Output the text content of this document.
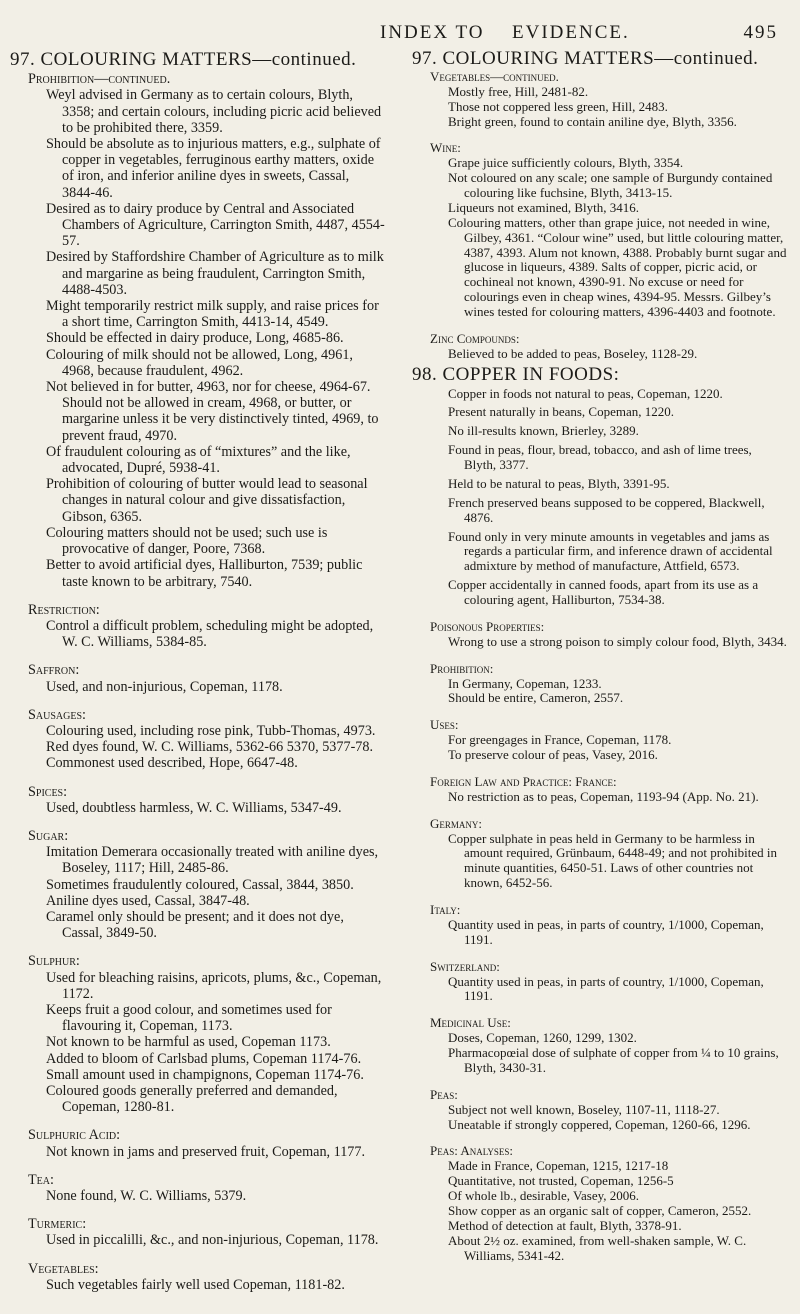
INDEX TO EVIDENCE.	495
97. COLOURING MATTERS—continued.
Prohibition—continued.
Weyl advised in Germany as to certain colours, Blyth, 3358; and certain colours, including picric acid believed to be prohibited there, 3359.
Should be absolute as to injurious matters, e.g., sulphate of copper in vegetables, ferruginous earthy matters, oxide of iron, and inferior aniline dyes in sweets, Cassal, 3844-46.
Desired as to dairy produce by Central and Associated Chambers of Agriculture, Carrington Smith, 4487, 4554-57.
Desired by Staffordshire Chamber of Agriculture as to milk and margarine as being fraudulent, Carrington Smith, 4488-4503.
Might temporarily restrict milk supply, and raise prices for a short time, Carrington Smith, 4413-14, 4549.
Should be effected in dairy produce, Long, 4685-86.
Colouring of milk should not be allowed, Long, 4961, 4968, because fraudulent, 4962.
Not believed in for butter, 4963, nor for cheese, 4964-67. Should not be allowed in cream, 4968, or butter, or margarine unless it be very distinctively tinted, 4969, to prevent fraud, 4970.
Of fraudulent colouring as of “mixtures” and the like, advocated, Dupré, 5938-41.
Prohibition of colouring of butter would lead to seasonal changes in natural colour and give dissatisfaction, Gibson, 6365.
Colouring matters should not be used; such use is provocative of danger, Poore, 7368.
Better to avoid artificial dyes, Halliburton, 7539; public taste known to be arbitrary, 7540.
Restriction:
Control a difficult problem, scheduling might be adopted, W. C. Williams, 5384-85.
Saffron:
Used, and non-injurious, Copeman, 1178.
Sausages:
Colouring used, including rose pink, Tubb-Thomas, 4973.
Red dyes found, W. C. Williams, 5362-66 5370, 5377-78.
Commonest used described, Hope, 6647-48.
Spices:
Used, doubtless harmless, W. C. Williams, 5347-49.
Sugar:
Imitation Demerara occasionally treated with aniline dyes, Boseley, 1117; Hill, 2485-86.
Sometimes fraudulently coloured, Cassal, 3844, 3850.
Aniline dyes used, Cassal, 3847-48.
Caramel only should be present; and it does not dye, Cassal, 3849-50.
Sulphur:
Used for bleaching raisins, apricots, plums, &c., Copeman, 1172.
Keeps fruit a good colour, and sometimes used for flavouring it, Copeman, 1173.
Not known to be harmful as used, Copeman 1173.
Added to bloom of Carlsbad plums, Copeman 1174-76.
Small amount used in champignons, Copeman 1174-76.
Coloured goods generally preferred and demanded, Copeman, 1280-81.
Sulphuric Acid:
Not known in jams and preserved fruit, Copeman, 1177.
Tea:
None found, W. C. Williams, 5379.
Turmeric:
Used in piccalilli, &c., and non-injurious, Copeman, 1178.
Vegetables:
Such vegetables fairly well used Copeman, 1181-82.
97. COLOURING MATTERS—continued.
Vegetables—continued.
Mostly free, Hill, 2481-82.
Those not coppered less green, Hill, 2483.
Bright green, found to contain aniline dye, Blyth, 3356.
Wine:
Grape juice sufficiently colours, Blyth, 3354.
Not coloured on any scale; one sample of Burgundy contained colouring like fuchsine, Blyth, 3413-15.
Liqueurs not examined, Blyth, 3416.
Colouring matters, other than grape juice, not needed in wine, Gilbey, 4361. “Colour wine” used, but little colouring matter, 4387, 4393. Alum not known, 4388. Probably burnt sugar and glucose in liqueurs, 4389. Salts of copper, picric acid, or cochineal not known, 4390-91. No excuse or need for colourings even in cheap wines, 4394-95. Messrs. Gilbey’s wines tested for colouring matters, 4396-4403 and footnote.
Zinc Compounds:
Believed to be added to peas, Boseley, 1128-29.
98. COPPER IN FOODS:
Copper in foods not natural to peas, Copeman, 1220.
Present naturally in beans, Copeman, 1220.
No ill-results known, Brierley, 3289.
Found in peas, flour, bread, tobacco, and ash of lime trees, Blyth, 3377.
Held to be natural to peas, Blyth, 3391-95.
French preserved beans supposed to be coppered, Blackwell, 4876.
Found only in very minute amounts in vegetables and jams as regards a particular firm, and inference drawn of accidental admixture by method of manufacture, Attfield, 6573.
Copper accidentally in canned foods, apart from its use as a colouring agent, Halliburton, 7534-38.
Poisonous Properties:
Wrong to use a strong poison to simply colour food, Blyth, 3434.
Prohibition:
In Germany, Copeman, 1233.
Should be entire, Cameron, 2557.
Uses:
For greengages in France, Copeman, 1178.
To preserve colour of peas, Vasey, 2016.
Foreign Law and Practice: France:
No restriction as to peas, Copeman, 1193-94 (App. No. 21).
Germany:
Copper sulphate in peas held in Germany to be harmless in amount required, Grünbaum, 6448-49; and not prohibited in minute quantities, 6450-51. Laws of other countries not known, 6452-56.
Italy:
Quantity used in peas, in parts of country, 1/1000, Copeman, 1191.
Switzerland:
Quantity used in peas, in parts of country, 1/1000, Copeman, 1191.
Medicinal Use:
Doses, Copeman, 1260, 1299, 1302.
Pharmacopœial dose of sulphate of copper from ¼ to 10 grains, Blyth, 3430-31.
Peas:
Subject not well known, Boseley, 1107-11, 1118-27.
Uneatable if strongly coppered, Copeman, 1260-66, 1296.
Peas: Analyses:
Made in France, Copeman, 1215, 1217-18
Quantitative, not trusted, Copeman, 1256-5
Of whole lb., desirable, Vasey, 2006.
Show copper as an organic salt of copper, Cameron, 2552.
Method of detection at fault, Blyth, 3378-91.
About 2½ oz. examined, from well-shaken sample, W. C. Williams, 5341-42.
